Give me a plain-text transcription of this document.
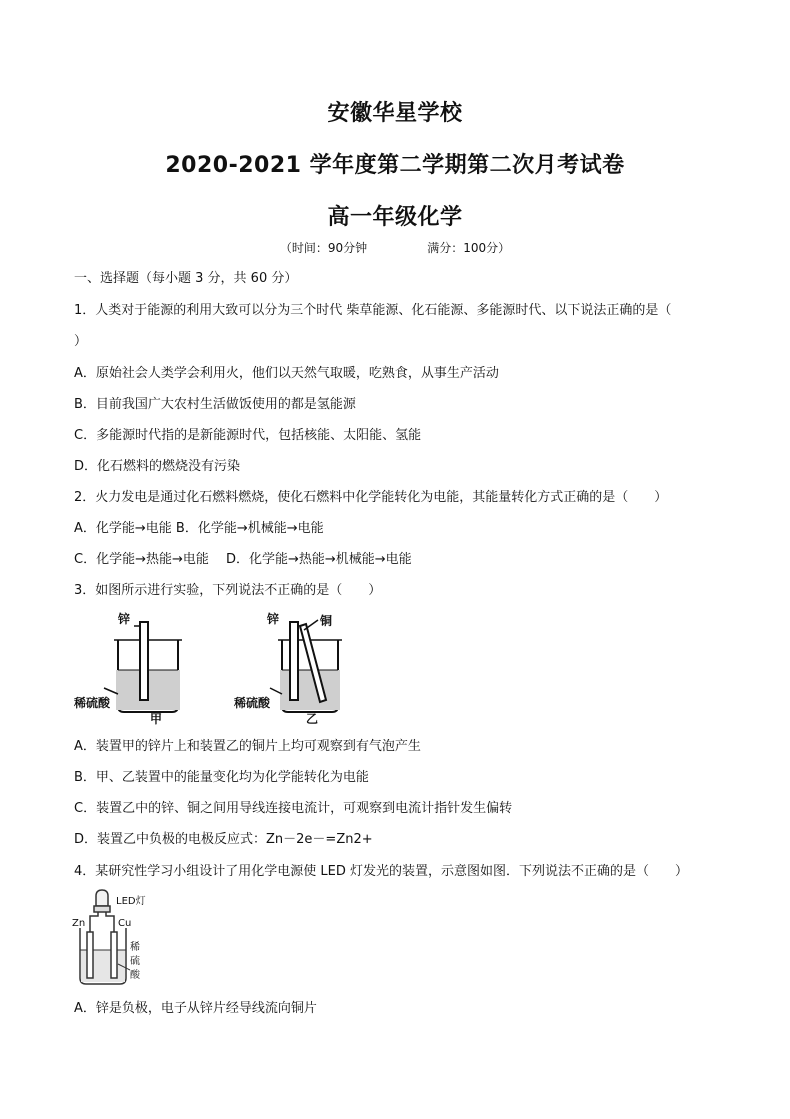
安徽华星学校
2020-2021 学年度第二学期第二次月考试卷
高一年级化学
（时间：90分钟	满分：100分）
一、选择题（每小题 3 分，共 60 分）
1．人类对于能源的利用大致可以分为三个时代 柴草能源、化石能源、多能源时代、以下说法正确的是（
）
A．原始社会人类学会利用火，他们以天然气取暖，吃熟食，从事生产活动
B．目前我国广大农村生活做饭使用的都是氢能源
C．多能源时代指的是新能源时代，包括核能、太阳能、氢能
D．化石燃料的燃烧没有污染
2．火力发电是通过化石燃料燃烧，使化石燃料中化学能转化为电能，其能量转化方式正确的是（　　）
A．化学能→电能 B．化学能→机械能→电能
C．化学能→热能→电能　 D．化学能→热能→机械能→电能
3．如图所示进行实验，下列说法不正确的是（　　）
锌
稀硫酸
甲
锌	铜
稀硫酸
乙
A．装置甲的锌片上和装置乙的铜片上均可观察到有气泡产生
B．甲、乙装置中的能量变化均为化学能转化为电能
C．装置乙中的锌、铜之间用导线连接电流计，可观察到电流计指针发生偏转
D．装置乙中负极的电极反应式：Zn－2e－=Zn2+
4．某研究性学习小组设计了用化学电源使 LED 灯发光的装置，示意图如图．下列说法不正确的是（　　）
LED灯
Zn	Cu
稀
硫
酸
A．锌是负极，电子从锌片经导线流向铜片
